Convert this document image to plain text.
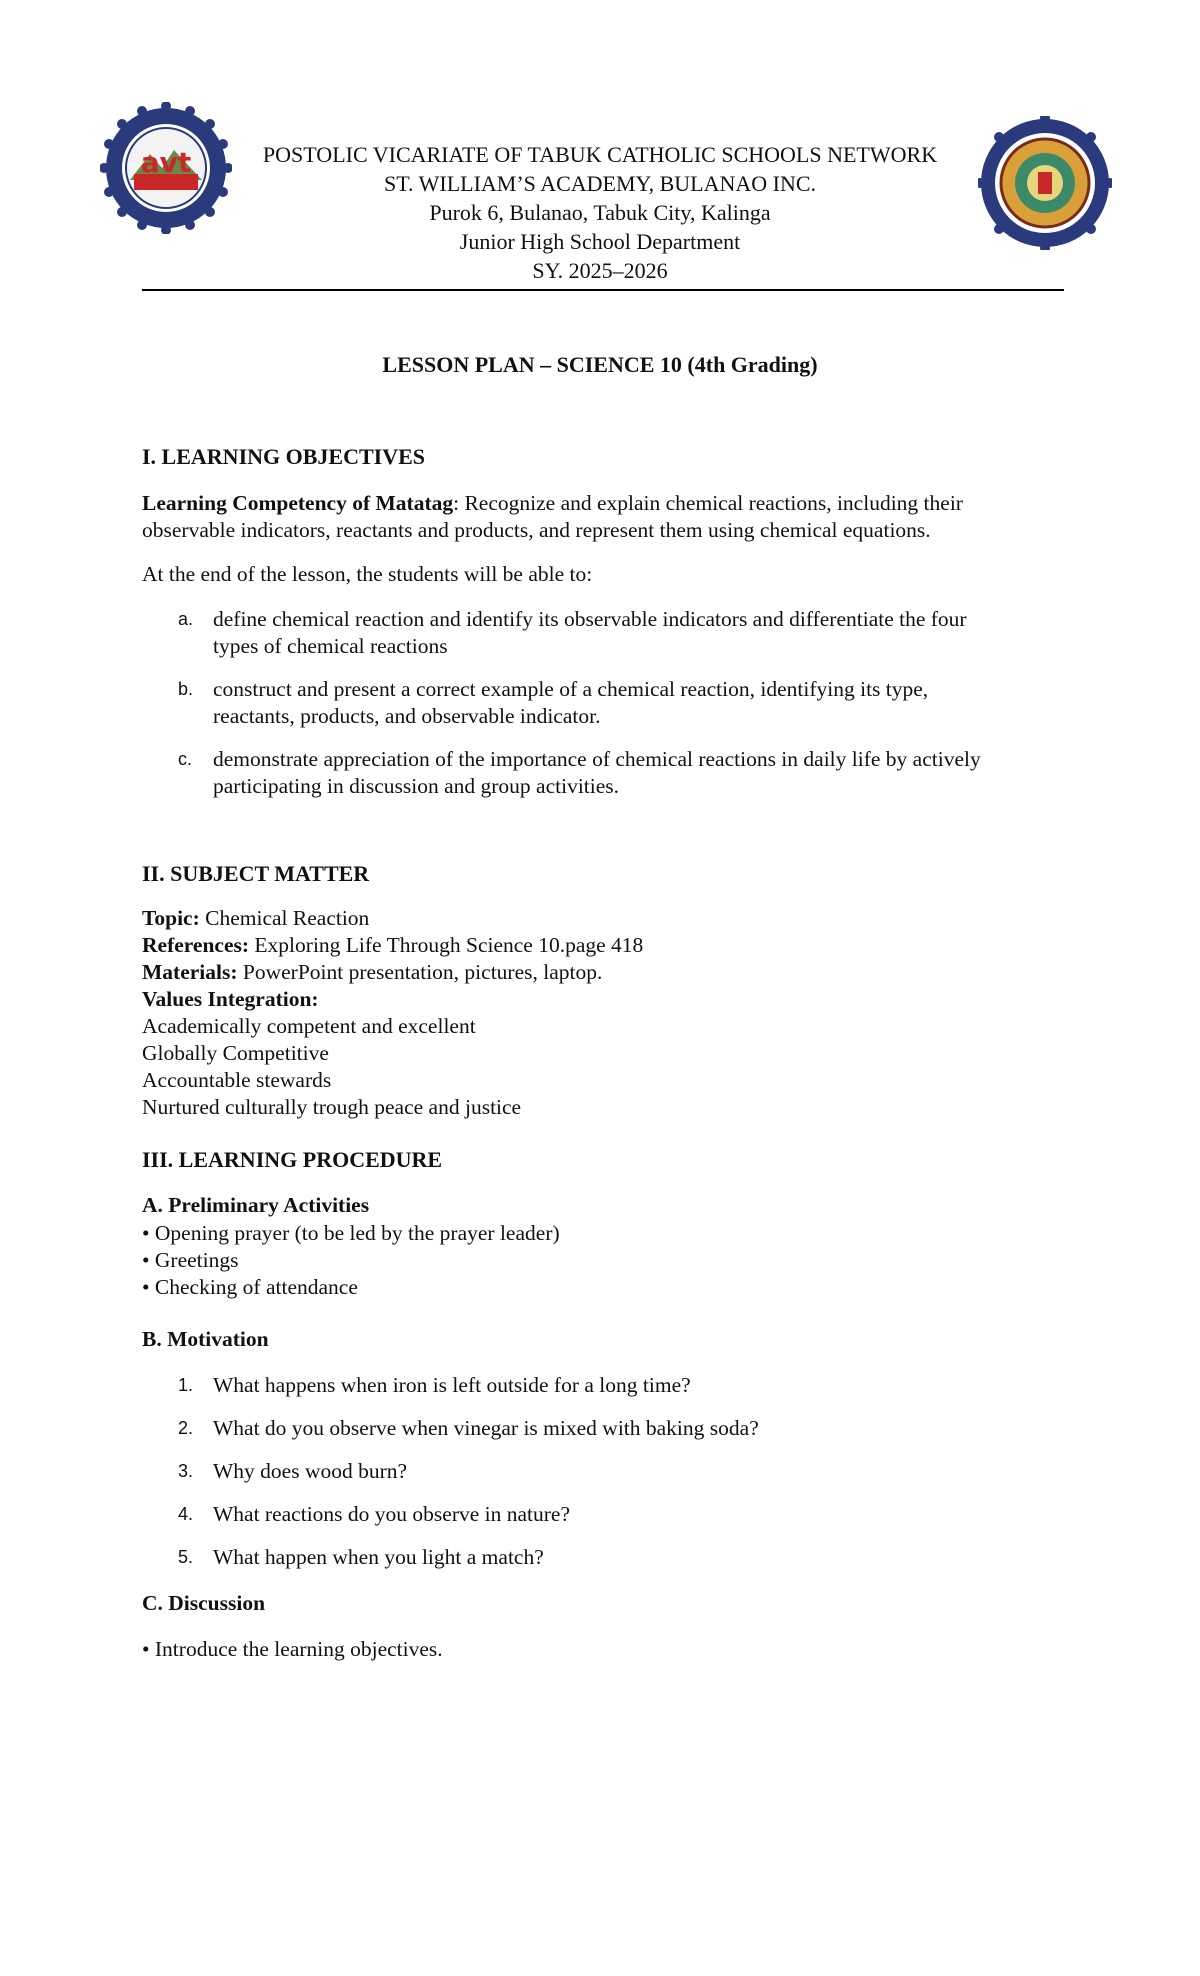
avt	POSTOLIC VICARIATE OF TABUK CATHOLIC SCHOOLS NETWORK
ST. WILLIAM’S ACADEMY, BULANAO INC.
Purok 6, Bulanao, Tabuk City, Kalinga
Junior High School Department
SY. 2025–2026
LESSON PLAN – SCIENCE 10 (4th Grading)
I. LEARNING OBJECTIVES
Learning Competency of Matatag: Recognize and explain chemical reactions, including their
observable indicators, reactants and products, and represent them using chemical equations.
At the end of the lesson, the students will be able to:
a. define chemical reaction and identify its observable indicators and differentiate the four
types of chemical reactions
b. construct and present a correct example of a chemical reaction, identifying its type,
reactants, products, and observable indicator.
c. demonstrate appreciation of the importance of chemical reactions in daily life by actively
participating in discussion and group activities.
II. SUBJECT MATTER
Topic: Chemical Reaction
References: Exploring Life Through Science 10.page 418
Materials: PowerPoint presentation, pictures, laptop.
Values Integration:
Academically competent and excellent
Globally Competitive
Accountable stewards
Nurtured culturally trough peace and justice
III. LEARNING PROCEDURE
A. Preliminary Activities
• Opening prayer (to be led by the prayer leader)
• Greetings
• Checking of attendance
B. Motivation
1. What happens when iron is left outside for a long time?
2. What do you observe when vinegar is mixed with baking soda?
3. Why does wood burn?
4. What reactions do you observe in nature?
5. What happen when you light a match?
C. Discussion
• Introduce the learning objectives.
